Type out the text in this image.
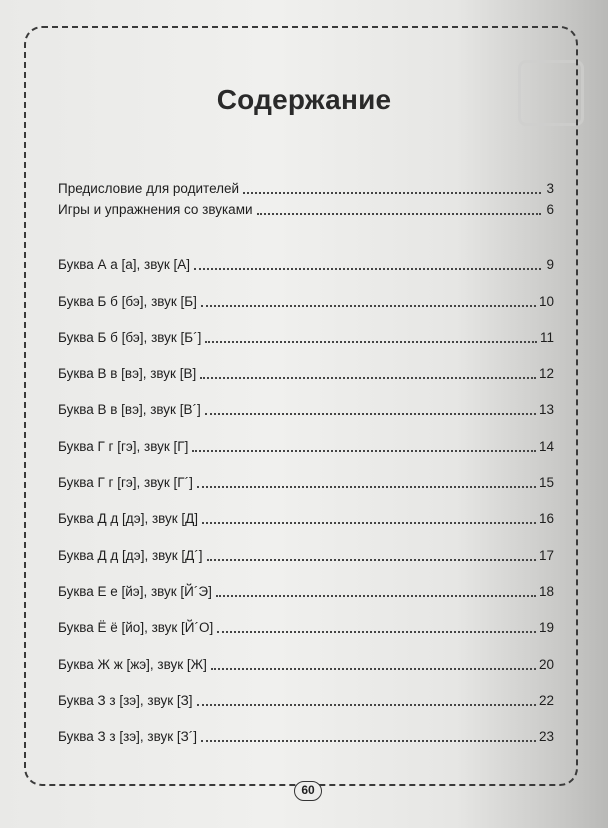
Содержание
Предисловие для родителей	3
Игры и упражнения со звуками	6
Буква А а [а], звук [А]	9
Буква Б б [бэ], звук [Б]	10
Буква Б б [бэ], звук [Б´]	11
Буква В в [вэ], звук [В]	12
Буква В в [вэ], звук [В´]	13
Буква Г г [гэ], звук [Г]	14
Буква Г г [гэ], звук [Г´]	15
Буква Д д [дэ], звук [Д]	16
Буква Д д [дэ], звук [Д´]	17
Буква Е е [йэ], звук [Й´Э]	18
Буква Ё ё [йо], звук [Й´О]	19
Буква Ж ж [жэ], звук [Ж]	20
Буква З з [зэ], звук [З]	22
Буква З з [зэ], звук [З´]	23
60
